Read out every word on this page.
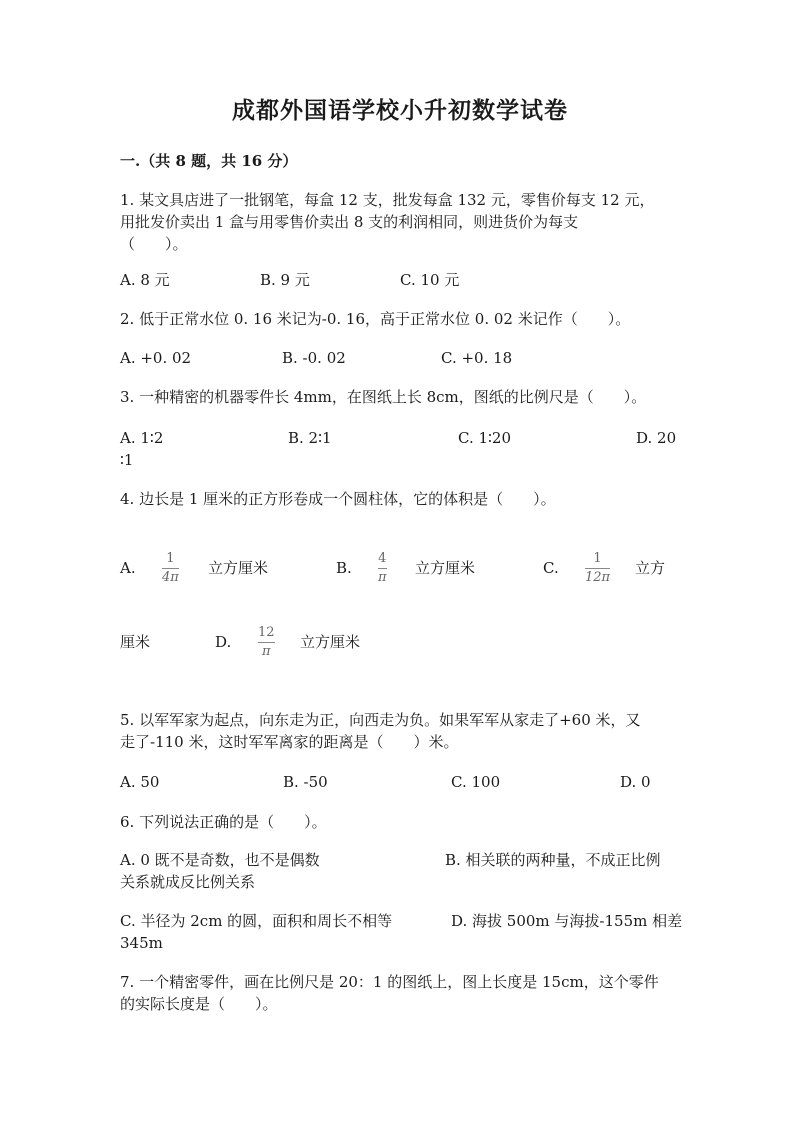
成都外国语学校小升初数学试卷
一.（共 8 题，共 16 分）
1. 某文具店进了一批钢笔，每盒 12 支，批发每盒 132 元，零售价每支 12 元，
用批发价卖出 1 盒与用零售价卖出 8 支的利润相同，则进货价为每支
（　　）。
A. 8 元	B. 9 元	C. 10 元
2. 低于正常水位 0. 16 米记为-0. 16，高于正常水位 0. 02 米记作（　　）。
A. +0. 02	B. -0. 02	C. +0. 18
3. 一种精密的机器零件长 4mm，在图纸上长 8cm，图纸的比例尺是（　　）。
A. 1∶2	B. 2∶1	C. 1∶20	D. 20
∶1
4. 边长是 1 厘米的正方形卷成一个圆柱体，它的体积是（　　）。
A.
1
4π
立方厘米	B.
4
π
立方厘米	C.
1
12π
立方
厘米	D.
12
π
立方厘米
5. 以军军家为起点，向东走为正，向西走为负。如果军军从家走了+60 米，又
走了-110 米，这时军军离家的距离是（　　）米。
A. 50	B. -50	C. 100	D. 0
6. 下列说法正确的是（　　）。
A. 0 既不是奇数，也不是偶数	B. 相关联的两种量，不成正比例
关系就成反比例关系
C. 半径为 2cm 的圆，面积和周长不相等	D. 海拔 500m 与海拔-155m 相差
345m
7. 一个精密零件，画在比例尺是 20：1 的图纸上，图上长度是 15cm，这个零件
的实际长度是（　　）。
